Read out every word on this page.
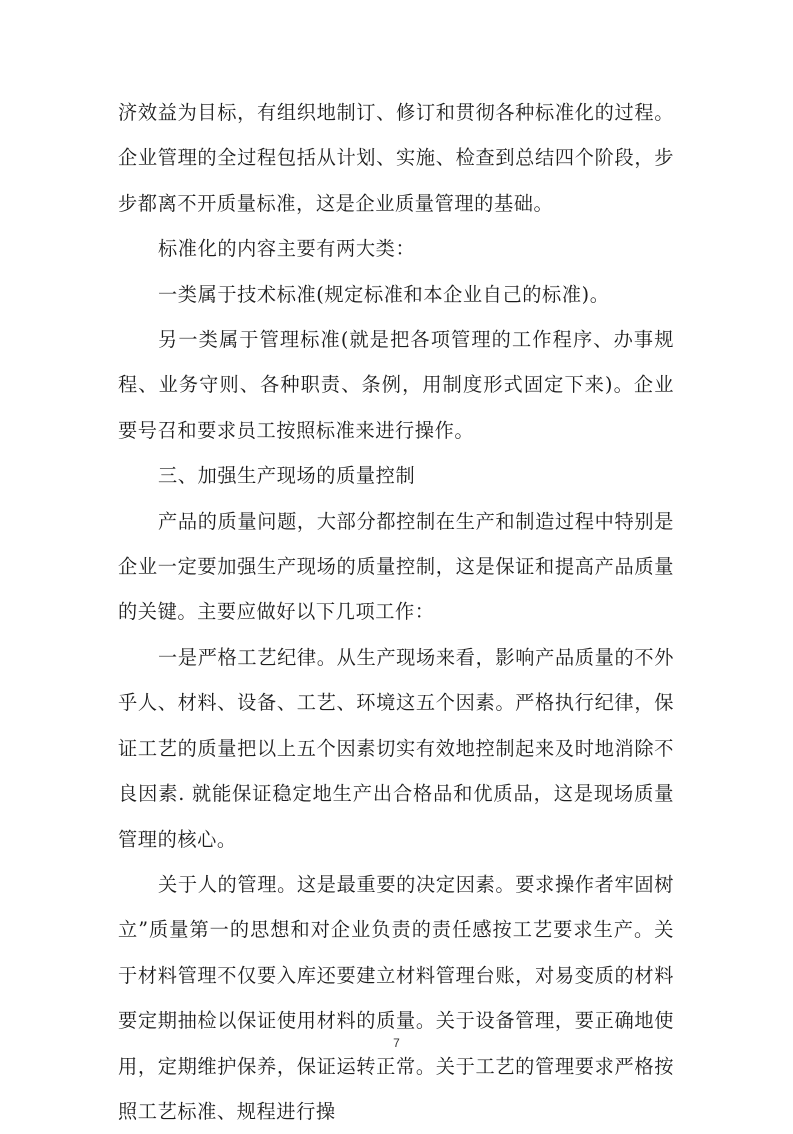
济效益为目标，有组织地制订、修订和贯彻各种标准化的过程。企业管理的全过程包括从计划、实施、检查到总结四个阶段，步步都离不开质量标准，这是企业质量管理的基础。

标准化的内容主要有两大类：

一类属于技术标准(规定标准和本企业自己的标准)。

另一类属于管理标准(就是把各项管理的工作程序、办事规程、业务守则、各种职责、条例，用制度形式固定下来)。企业要号召和要求员工按照标准来进行操作。

三、加强生产现场的质量控制

产品的质量问题，大部分都控制在生产和制造过程中特别是企业一定要加强生产现场的质量控制，这是保证和提高产品质量的关键。主要应做好以下几项工作：

一是严格工艺纪律。从生产现场来看，影响产品质量的不外乎人、材料、设备、工艺、环境这五个因素。严格执行纪律，保证工艺的质量把以上五个因素切实有效地控制起来及时地消除不良因素. 就能保证稳定地生产出合格品和优质品，这是现场质量管理的核心。

关于人的管理。这是最重要的决定因素。要求操作者牢固树立”质量第一的思想和对企业负责的责任感按工艺要求生产。关于材料管理不仅要入库还要建立材料管理台账，对易变质的材料要定期抽检以保证使用材料的质量。关于设备管理，要正确地使用，定期维护保养，保证运转正常。关于工艺的管理要求严格按照工艺标准、规程进行操

7
